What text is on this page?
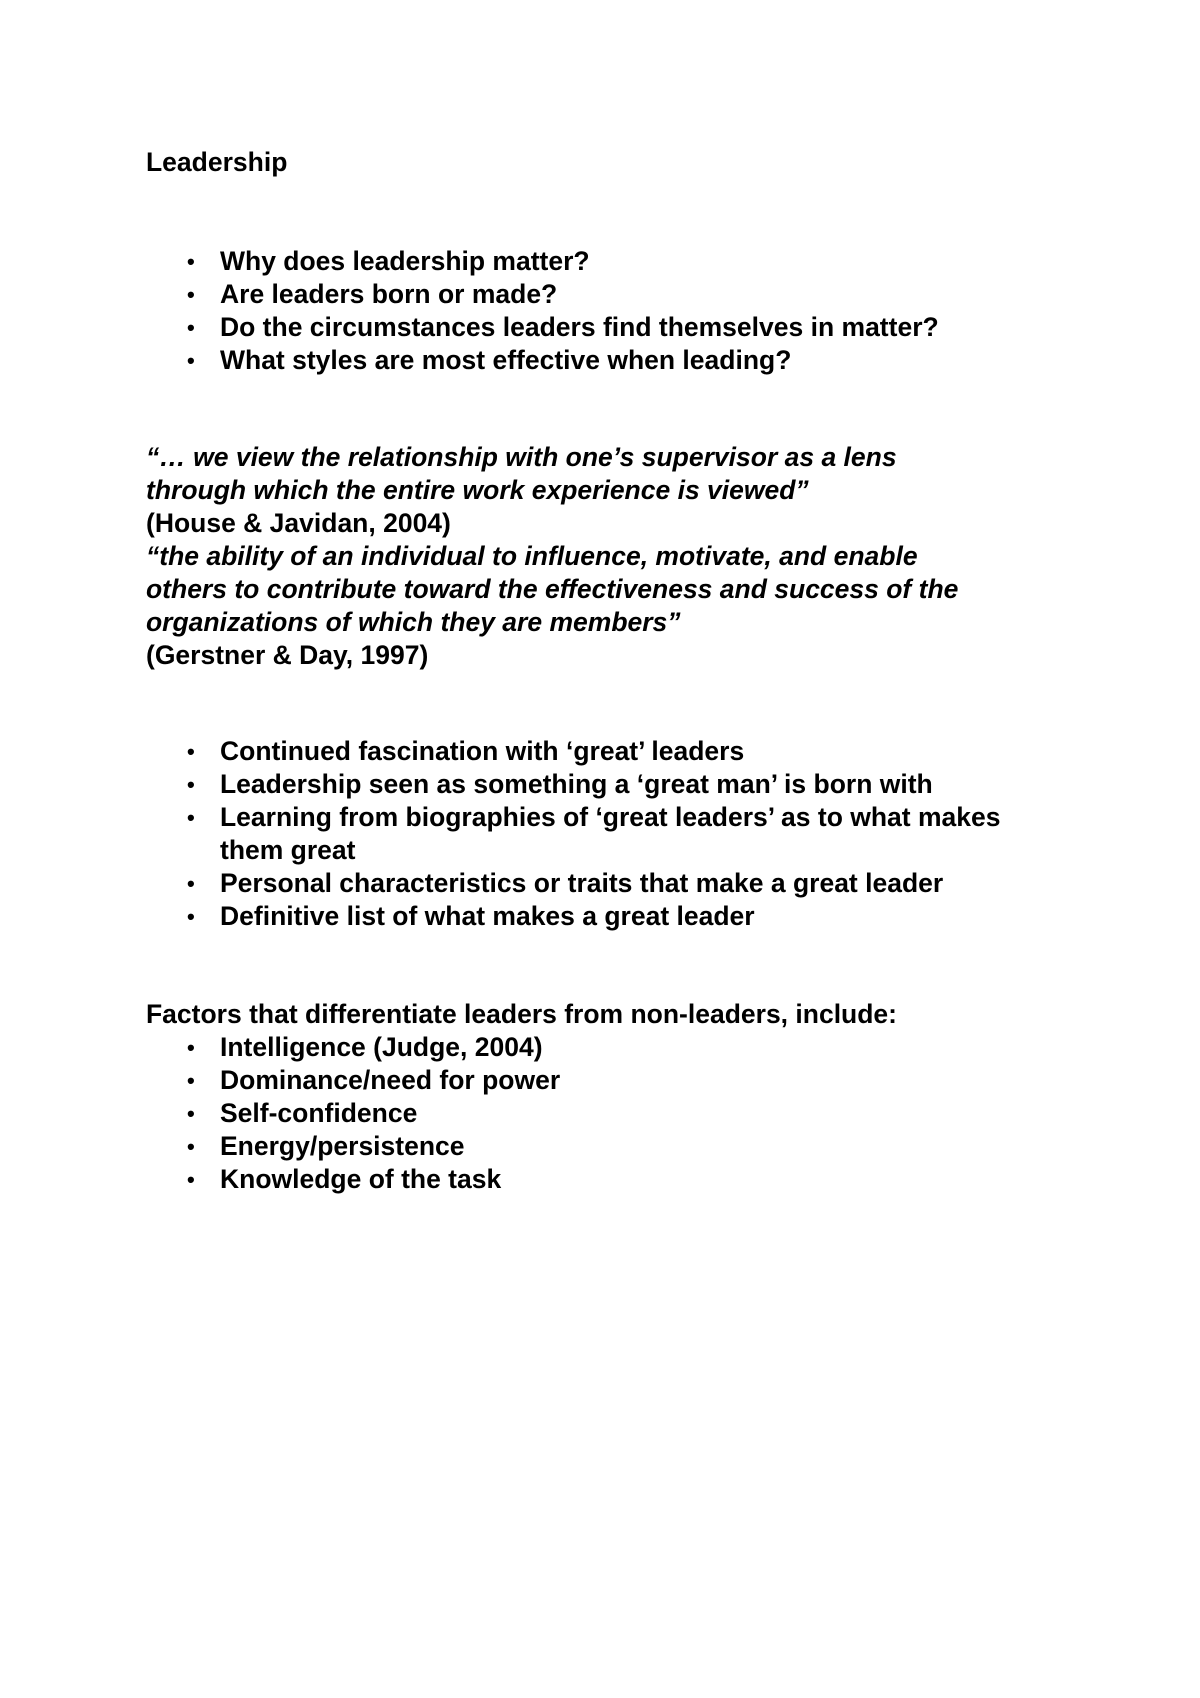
Leadership

• Why does leadership matter?

• Are leaders born or made?

• Do the circumstances leaders find themselves in matter?

• What styles are most effective when leading?

“… we view the relationship with one’s supervisor as a lens

through which the entire work experience is viewed”

(House & Javidan, 2004)

“the ability of an individual to influence, motivate, and enable

others to contribute toward the effectiveness and success of the

organizations of which they are members”

(Gerstner & Day, 1997)

• Continued fascination with ‘great’ leaders

• Leadership seen as something a ‘great man’ is born with

• Learning from biographies of ‘great leaders’ as to what makes

them great

• Personal characteristics or traits that make a great leader

• Definitive list of what makes a great leader

Factors that differentiate leaders from non-leaders, include:

• Intelligence (Judge, 2004)

• Dominance/need for power

• Self-confidence

• Energy/persistence

• Knowledge of the task
